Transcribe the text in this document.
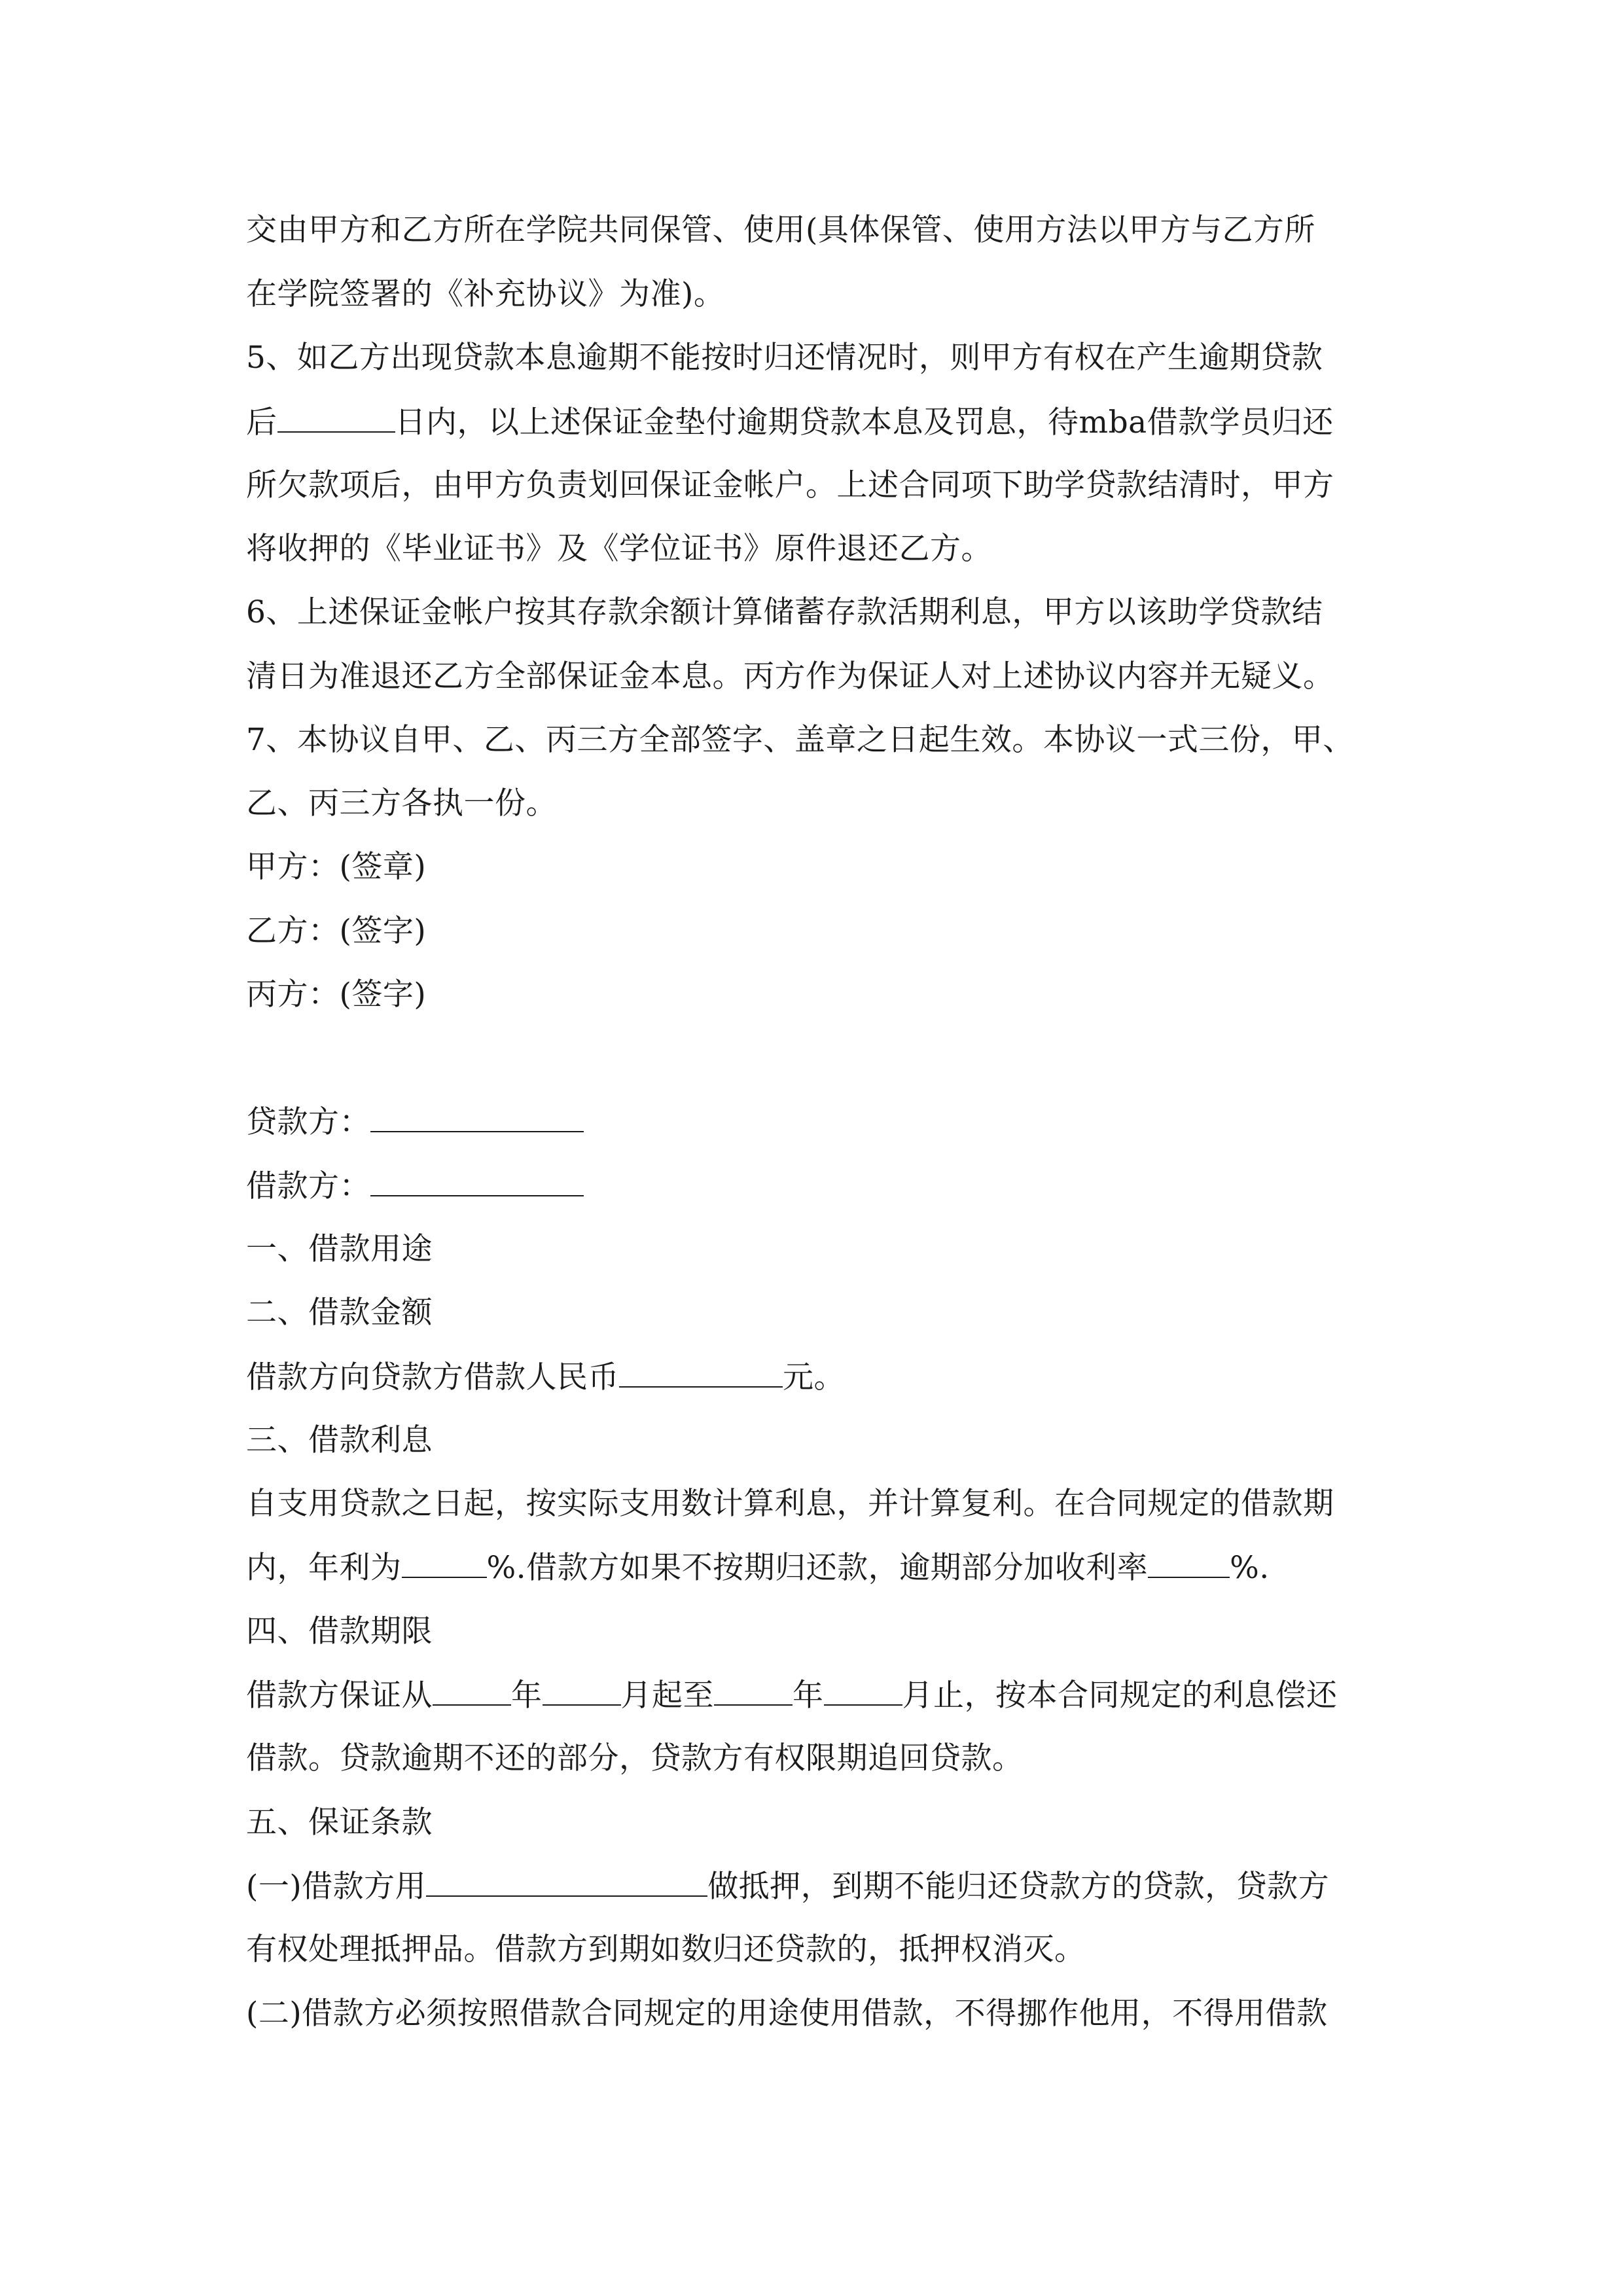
交由甲方和乙方所在学院共同保管、使用(具体保管、使用方法以甲方与乙方所
在学院签署的《补充协议》为准)。
5、如乙方出现贷款本息逾期不能按时归还情况时，则甲方有权在产生逾期贷款
后	日内，以上述保证金垫付逾期贷款本息及罚息，待mba借款学员归还
所欠款项后，由甲方负责划回保证金帐户。上述合同项下助学贷款结清时，甲方
将收押的《毕业证书》及《学位证书》原件退还乙方。
6、上述保证金帐户按其存款余额计算储蓄存款活期利息，甲方以该助学贷款结
清日为准退还乙方全部保证金本息。丙方作为保证人对上述协议内容并无疑义。
7、本协议自甲、乙、丙三方全部签字、盖章之日起生效。本协议一式三份，甲、
乙、丙三方各执一份。
甲方：(签章)
乙方：(签字)
丙方：(签字)
贷款方：
借款方：
一、借款用途
二、借款金额
借款方向贷款方借款人民币	元。
三、借款利息
自支用贷款之日起，按实际支用数计算利息，并计算复利。在合同规定的借款期
内，年利为	%.借款方如果不按期归还款，逾期部分加收利率	%.
四、借款期限
借款方保证从	年	月起至	年	月止，按本合同规定的利息偿还
借款。贷款逾期不还的部分，贷款方有权限期追回贷款。
五、保证条款
(一)借款方用	做抵押，到期不能归还贷款方的贷款，贷款方
有权处理抵押品。借款方到期如数归还贷款的，抵押权消灭。
(二)借款方必须按照借款合同规定的用途使用借款，不得挪作他用，不得用借款
